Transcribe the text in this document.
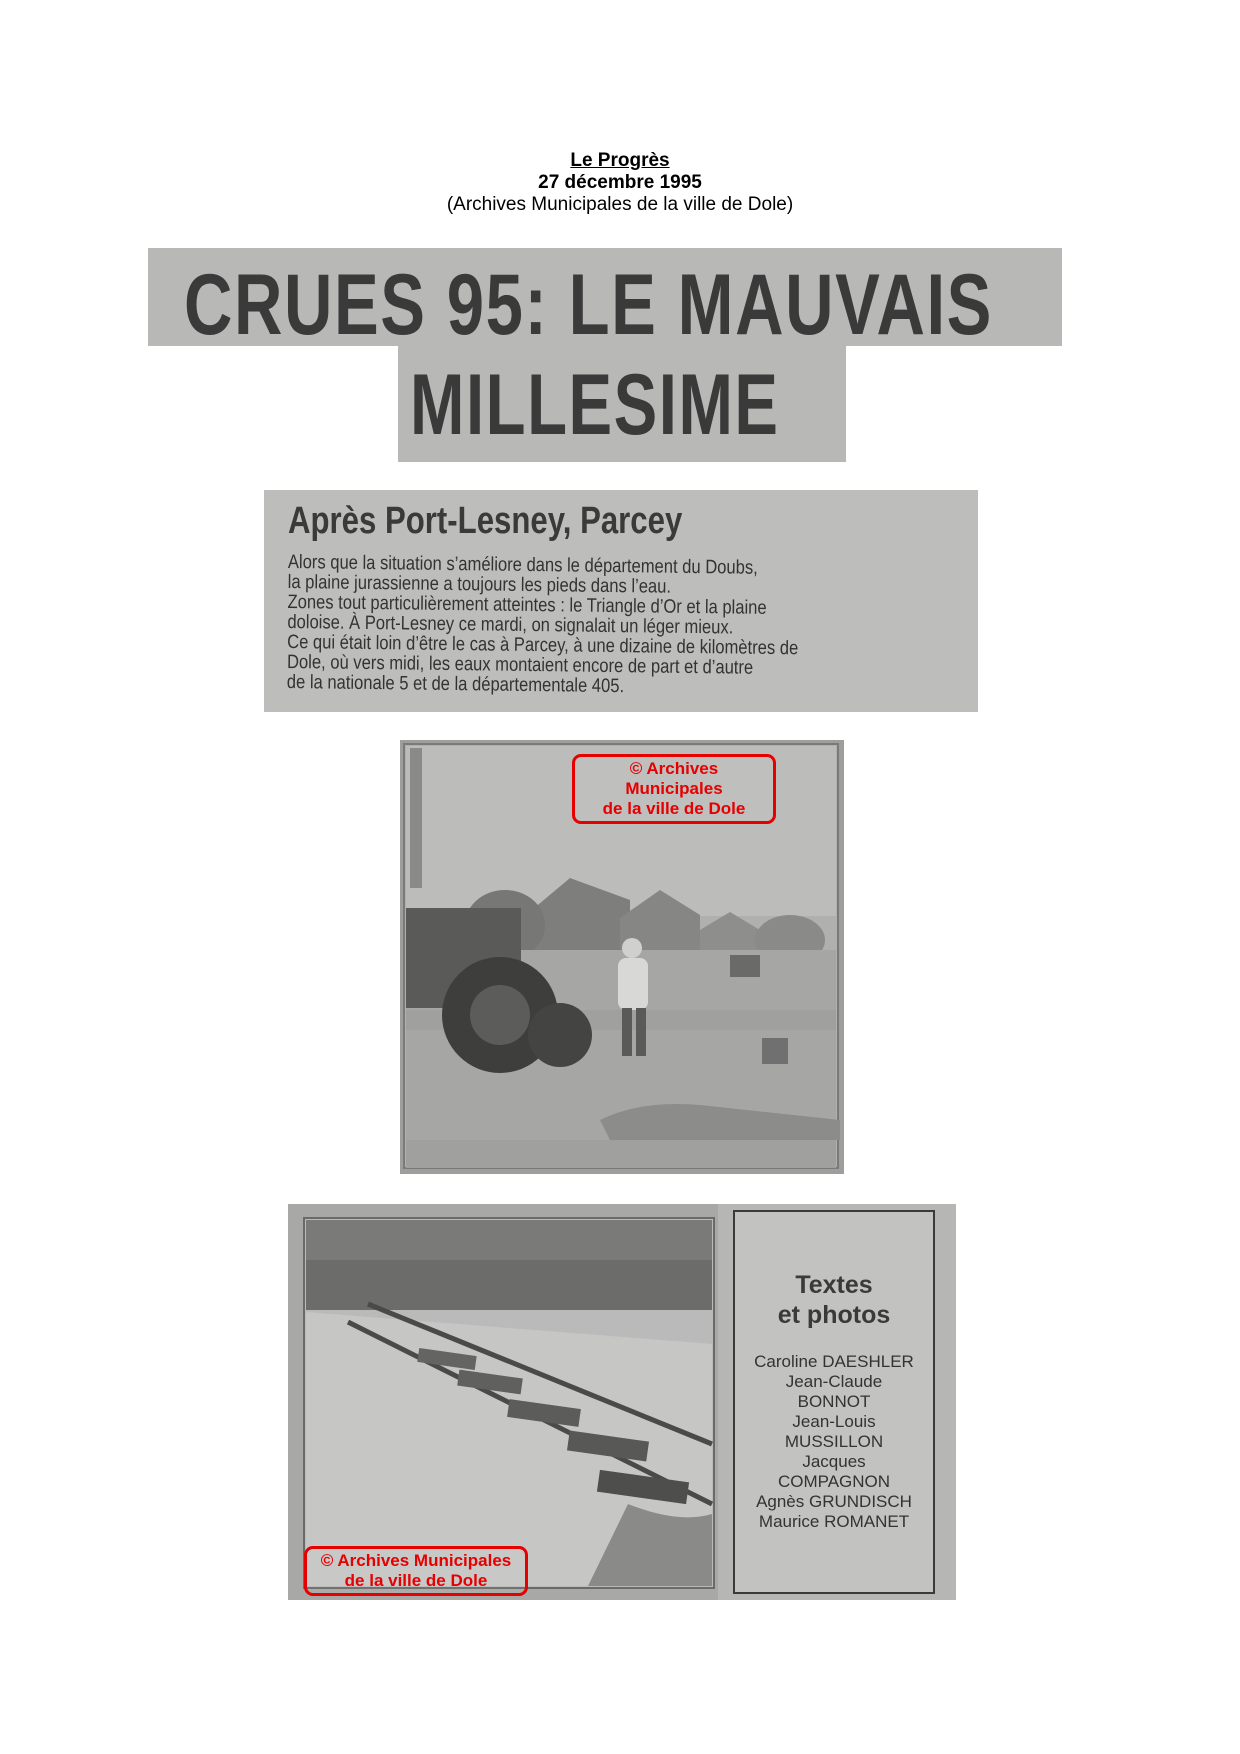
Le Progrès
27 décembre 1995
(Archives Municipales de la ville de Dole)
CRUES 95: LE MAUVAIS
MILLESIME
Après Port-Lesney, Parcey
Alors que la situation s’améliore dans le département du Doubs,
la plaine jurassienne a toujours les pieds dans l’eau.
Zones tout particulièrement atteintes : le Triangle d’Or et la plaine
doloise. À Port-Lesney ce mardi, on signalait un léger mieux.
Ce qui était loin d’être le cas à Parcey, à une dizaine de kilomètres de
Dole, où vers midi, les eaux montaient encore de part et d’autre
de la nationale 5 et de la départementale 405.
© Archives Municipales
de la ville de Dole
© Archives Municipales
de la ville de Dole
Textes
et photos
Caroline DAESHLER
Jean-Claude
BONNOT
Jean-Louis
MUSSILLON
Jacques
COMPAGNON
Agnès GRUNDISCH
Maurice ROMANET
